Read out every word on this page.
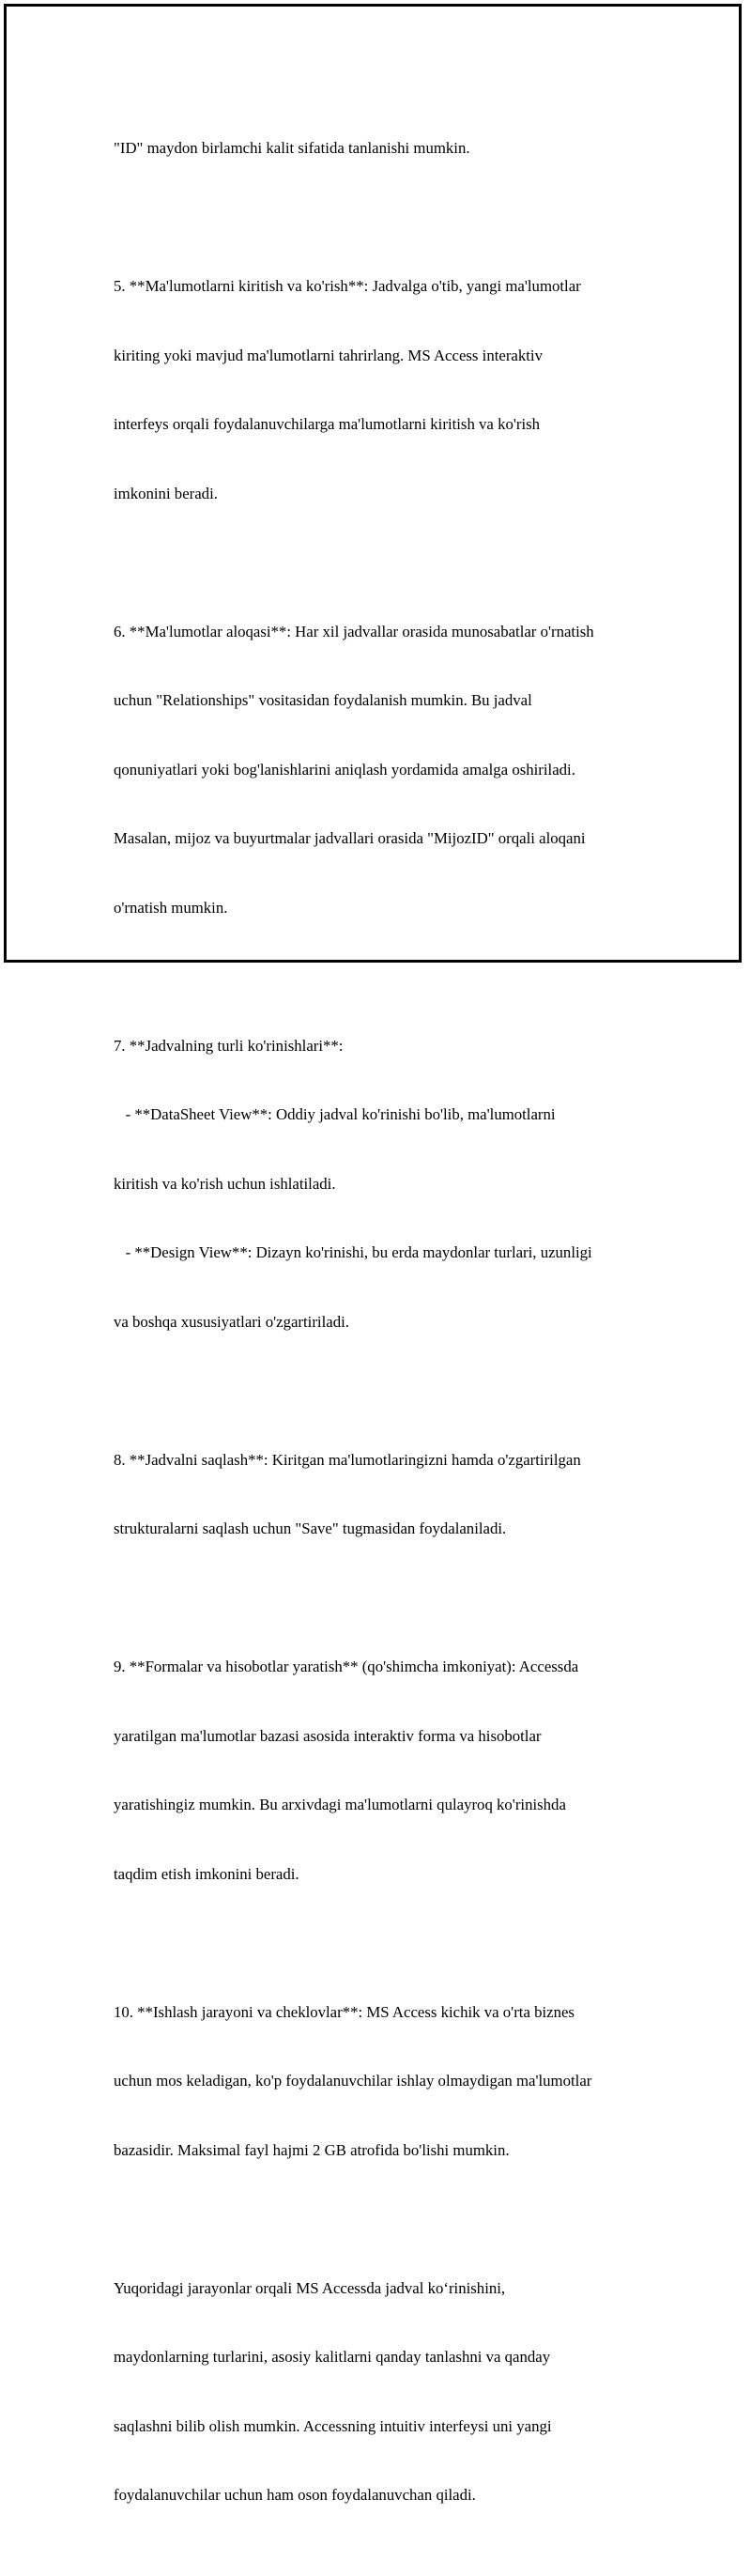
"ID" maydon birlamchi kalit sifatida tanlanishi mumkin.

5. **Ma'lumotlarni kiritish va ko'rish**: Jadvalga o'tib, yangi ma'lumotlar

kiriting yoki mavjud ma'lumotlarni tahrirlang. MS Access interaktiv

interfeys orqali foydalanuvchilarga ma'lumotlarni kiritish va ko'rish

imkonini beradi.

6. **Ma'lumotlar aloqasi**: Har xil jadvallar orasida munosabatlar o'rnatish

uchun "Relationships" vositasidan foydalanish mumkin. Bu jadval

qonuniyatlari yoki bog'lanishlarini aniqlash yordamida amalga oshiriladi.

Masalan, mijoz va buyurtmalar jadvallari orasida "MijozID" orqali aloqani

o'rnatish mumkin.

7. **Jadvalning turli ko'rinishlari**:

- **DataSheet View**: Oddiy jadval ko'rinishi bo'lib, ma'lumotlarni

kiritish va ko'rish uchun ishlatiladi.

- **Design View**: Dizayn ko'rinishi, bu erda maydonlar turlari, uzunligi

va boshqa xususiyatlari o'zgartiriladi.

8. **Jadvalni saqlash**: Kiritgan ma'lumotlaringizni hamda o'zgartirilgan

strukturalarni saqlash uchun "Save" tugmasidan foydalaniladi.

9. **Formalar va hisobotlar yaratish** (qo'shimcha imkoniyat): Accessda

yaratilgan ma'lumotlar bazasi asosida interaktiv forma va hisobotlar

yaratishingiz mumkin. Bu arxivdagi ma'lumotlarni qulayroq ko'rinishda

taqdim etish imkonini beradi.

10. **Ishlash jarayoni va cheklovlar**: MS Access kichik va o'rta biznes

uchun mos keladigan, ko'p foydalanuvchilar ishlay olmaydigan ma'lumotlar

bazasidir. Maksimal fayl hajmi 2 GB atrofida bo'lishi mumkin.

Yuqoridagi jarayonlar orqali MS Accessda jadval ko‘rinishini,

maydonlarning turlarini, asosiy kalitlarni qanday tanlashni va qanday

saqlashni bilib olish mumkin. Accessning intuitiv interfeysi uni yangi

foydalanuvchilar uchun ham oson foydalanuvchan qiladi.
